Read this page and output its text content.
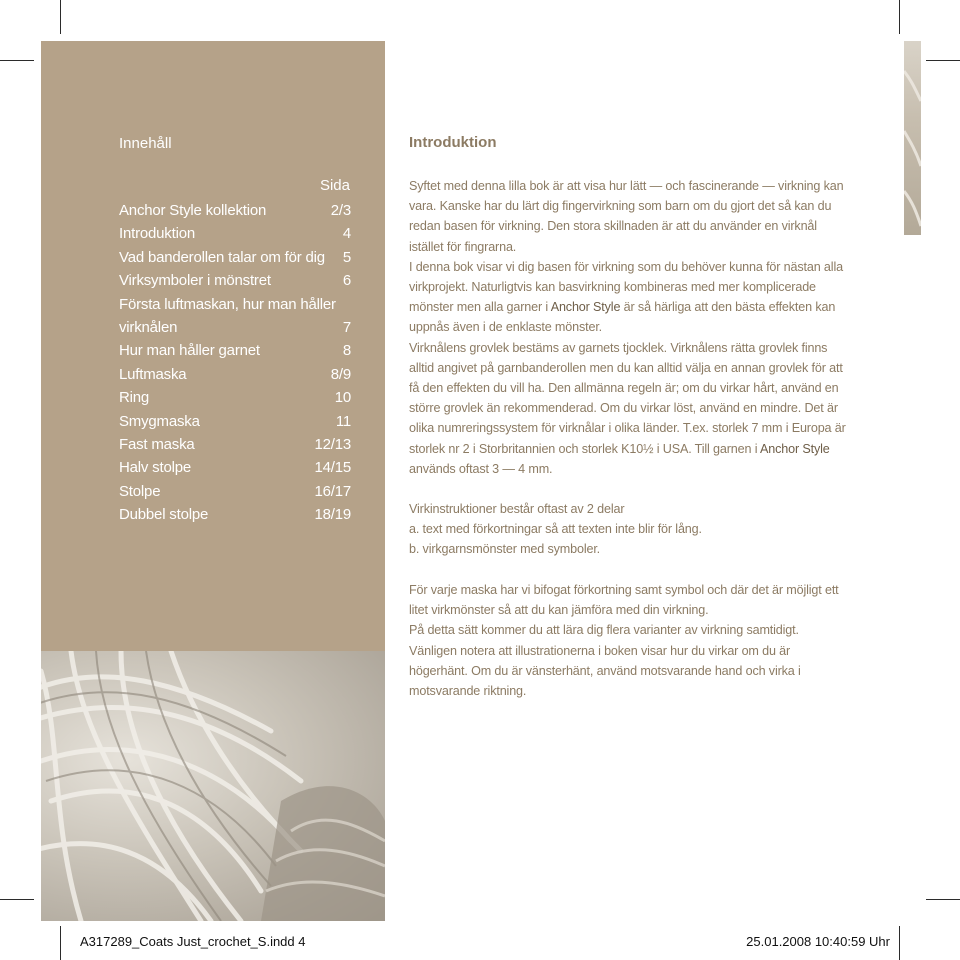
Innehåll
Sida
Anchor Style kollektion	2/3
Introduktion	4
Vad banderollen talar om för dig 5
Virksymboler i mönstret	6
Första luftmaskan, hur man håller
virknålen	7
Hur man håller garnet	8
Luftmaska	8/9
Ring	10
Smygmaska	11
Fast maska	12/13
Halv stolpe	14/15
Stolpe	16/17
Dubbel stolpe	18/19
Introduktion

Syftet med denna lilla bok är att visa hur lätt — och fascinerande — virkning kan vara. Kanske har du lärt dig fingervirkning som barn om du gjort det så kan du redan basen för virkning. Den stora skillnaden är att du använder en virknål istället för fingrarna.

I denna bok visar vi dig basen för virkning som du behöver kunna för nästan alla virkprojekt. Naturligtvis kan basvirkning kombineras med mer komplicerade mönster men alla garner i Anchor Style är så härliga att den bästa effekten kan uppnås även i de enklaste mönster.

Virknålens grovlek bestäms av garnets tjocklek. Virknålens rätta grovlek finns alltid angivet på garnbanderollen men du kan alltid välja en annan grovlek för att få den effekten du vill ha. Den allmänna regeln är; om du virkar hårt, använd en större grovlek än rekommenderad. Om du virkar löst, använd en mindre. Det är olika numreringssystem för virknålar i olika länder. T.ex. storlek 7 mm i Europa är storlek nr 2 i Storbritannien och storlek K10½ i USA. Till garnen i Anchor Style används oftast 3 — 4 mm.

Virkinstruktioner består oftast av 2 delar

a. text med förkortningar så att texten inte blir för lång.

b. virkgarnsmönster med symboler.

För varje maska har vi bifogat förkortning samt symbol och där det är möjligt ett litet virkmönster så att du kan jämföra med din virkning.

På detta sätt kommer du att lära dig flera varianter av virkning samtidigt. Vänligen notera att illustrationerna i boken visar hur du virkar om du är högerhänt. Om du är vänsterhänt, använd motsvarande hand och virka i motsvarande riktning.

A317289_Coats Just_crochet_S.indd 4	25.01.2008 10:40:59 Uhr
